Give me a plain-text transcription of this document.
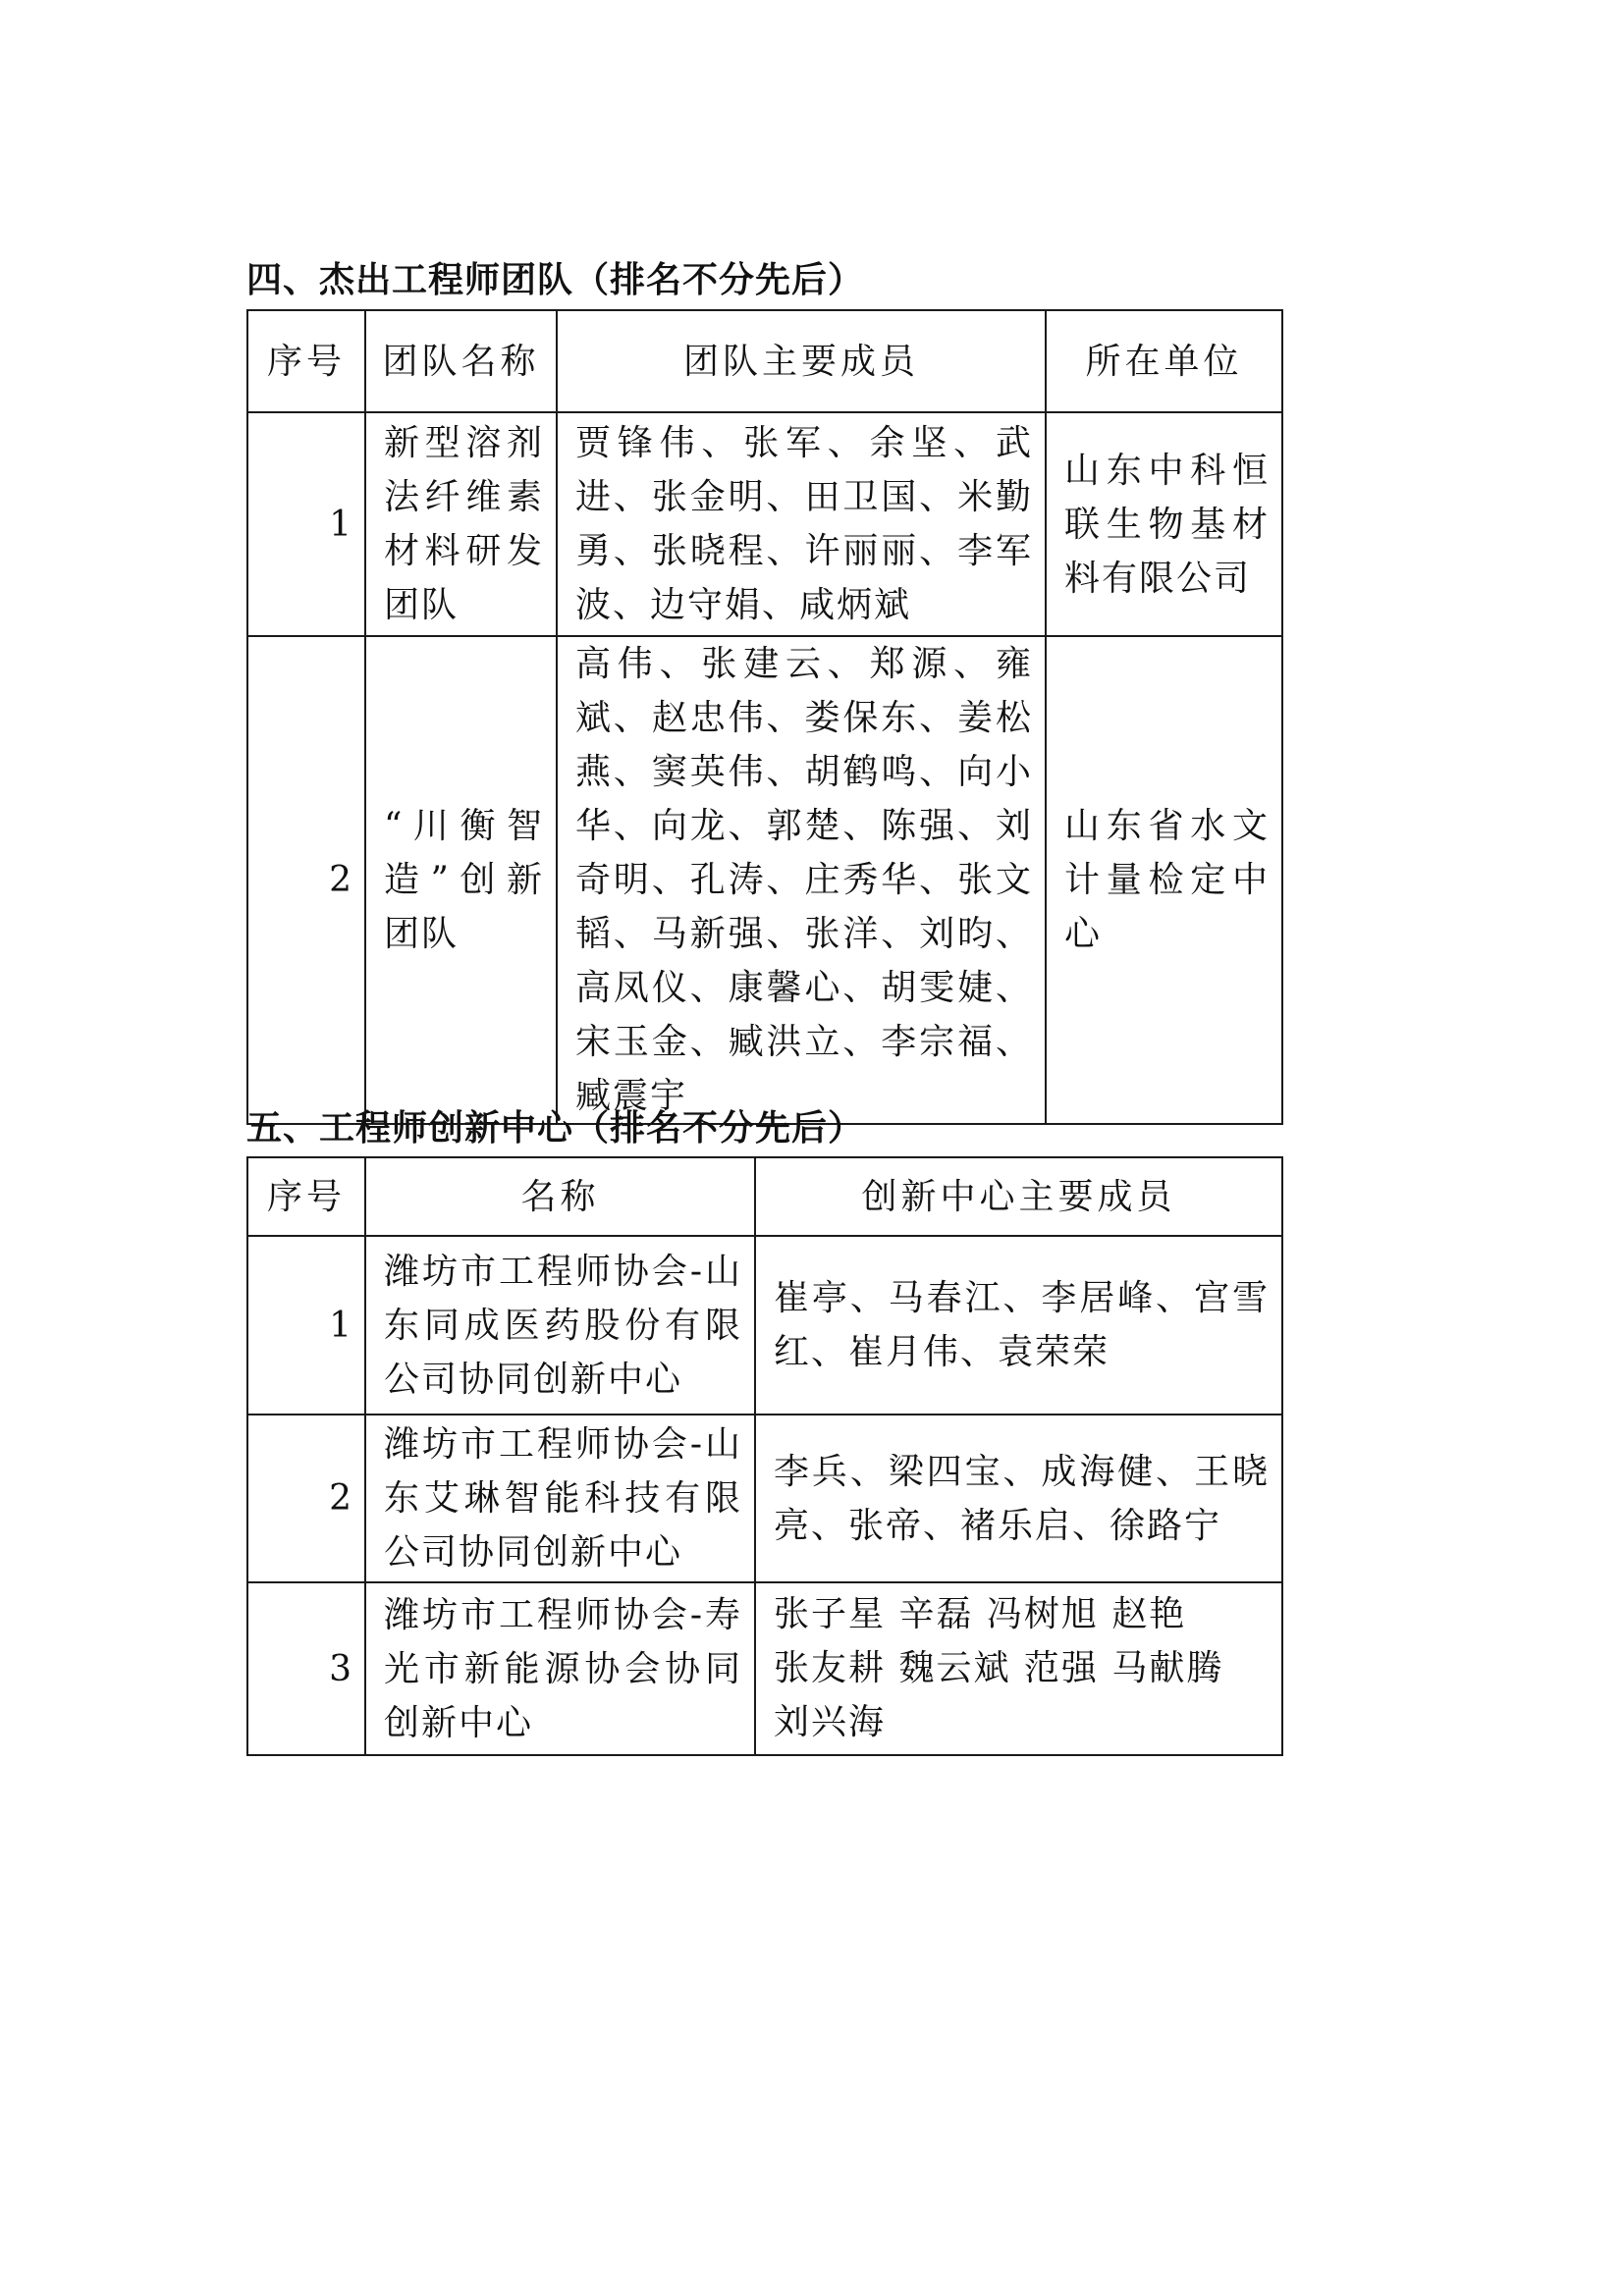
四、杰出工程师团队（排名不分先后）
序号	团队名称	团队主要成员	所在单位
1	新型溶剂法纤维素材料研发团队	贾锋伟、张军、余坚、武进、张金明、田卫国、米勤勇、张晓程、许丽丽、李军波、边守娟、咸炳斌	山东中科恒联生物基材料有限公司
2	“川衡智造”创新团队	高伟、张建云、郑源、雍斌、赵忠伟、娄保东、姜松燕、窦英伟、胡鹤鸣、向小华、向龙、郭楚、陈强、刘奇明、孔涛、庄秀华、张文韬、马新强、张洋、刘昀、高凤仪、康馨心、胡雯婕、宋玉金、臧洪立、李宗福、臧震宇	山东省水文计量检定中心
五、工程师创新中心（排名不分先后）
序号	名称	创新中心主要成员
1	潍坊市工程师协会-山东同成医药股份有限公司协同创新中心	崔亭、马春江、李居峰、宫雪红、崔月伟、袁荣荣
2	潍坊市工程师协会-山东艾琳智能科技有限公司协同创新中心	李兵、梁四宝、成海健、王晓亮、张帝、褚乐启、徐路宁
3	潍坊市工程师协会-寿光市新能源协会协同创新中心	张子星 辛磊 冯树旭 赵艳
张友耕 魏云斌 范强 马献腾
刘兴海
